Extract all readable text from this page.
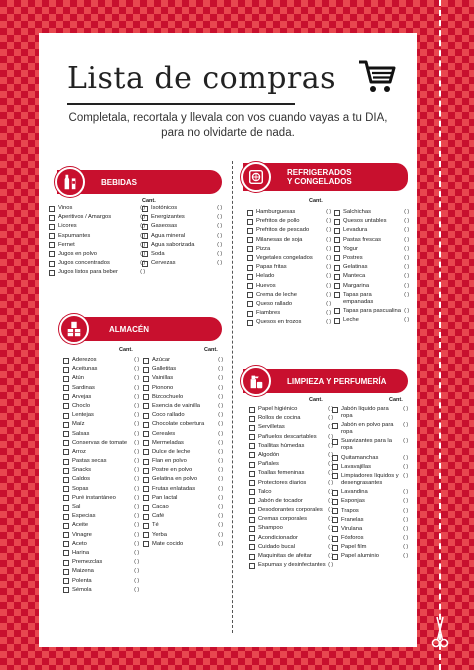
Lista de compras
Completala, recortala y llevala con vos cuando vayas a tu DIA,
para no olvidarte de nada.
BEBIDAS
Cant.
Vinos	( )
Aperitivos / Amargos	( )
Licores	( )
Espumantes	( )
Fernet	( )
Jugos en polvo	( )
Jugos concentrados	( )
Jugos listos para beber	( )
Isotónicos	( )
Energizantes	( )
Gaseosas	( )
Agua mineral	( )
Agua saborizada	( )
Soda	( )
Cervezas	( )
REFRIGERADOS
Y CONGELADOS
Cant.
Hamburguesas	( )
Prefritos de pollo	( )
Prefritos de pescado	( )
Milanesas de soja	( )
Pizza	( )
Vegetales congelados	( )
Papas fritas	( )
Helado	( )
Huevos	( )
Crema de leche	( )
Queso rallado	( )
Fiambres	( )
Quesos en trozos	( )
Salchichas	( )
Quesos untables	( )
Levadura	( )
Pastas frescas	( )
Yogur	( )
Postres	( )
Gelatinas	( )
Manteca	( )
Margarina	( )
Tapas para empanadas
( )
Tapas para pascualina ( )
Leche	( )
ALMACÉN
Cant.	Cant.
Aderezos	( )
Aceitunas	( )
Atún	( )
Sardinas	( )
Arvejas	( )
Choclo	( )
Lentejas	( )
Maíz	( )
Salsas	( )
Conservas de tomate	( )
Arroz	( )
Pastas secas	( )
Snacks	( )
Caldos	( )
Sopas	( )
Puré instantáneo	( )
Sal	( )
Especias	( )
Aceite	( )
Vinagre	( )
Aceto	( )
Harina	( )
Premezclas	( )
Maizena	( )
Polenta	( )
Sémola	( )
Azúcar	( )
Galletitas	( )
Vainillas	( )
Pionono	( )
Bizcochuelo	( )
Esencia de vainilla	( )
Coco rallado	( )
Chocolate cobertura	( )
Cereales	( )
Mermeladas	( )
Dulce de leche	( )
Flan en polvo	( )
Postre en polvo	( )
Gelatina en polvo	( )
Frutas enlatadas	( )
Pan lactal	( )
Cacao	( )
Café	( )
Té	( )
Yerba	( )
Mate cocido	( )
LIMPIEZA Y PERFUMERÍA
Cant.	Cant.
Papel higiénico	( )
Rollos de cocina	( )
Servilletas	( )
Pañuelos descartables	( )
Toallitas húmedas	( )
Algodón	( )
Pañales	( )
Toallas femeninas	( )
Protectores diarios	( )
Talco	( )
Jabón de tocador	( )
Desodorantes corporales	( )
Cremas corporales	( )
Shampoo	( )
Acondicionador	( )
Cuidado bucal	( )
Maquinitas de afeitar	( )
Espumas y desinfectantes ( )
Jabón líquido para ropa
( )
Jabón en polvo para ropa
( )
Suavizantes para la ropa
( )
Quitamanchas	( )
Lavavajillas	( )
Limpiadores líquidos y desengrasantes
( )
Lavandina	( )
Esponjas	( )
Trapos	( )
Franelas	( )
Virulana	( )
Fósforos	( )
Papel film	( )
Papel aluminio	( )
